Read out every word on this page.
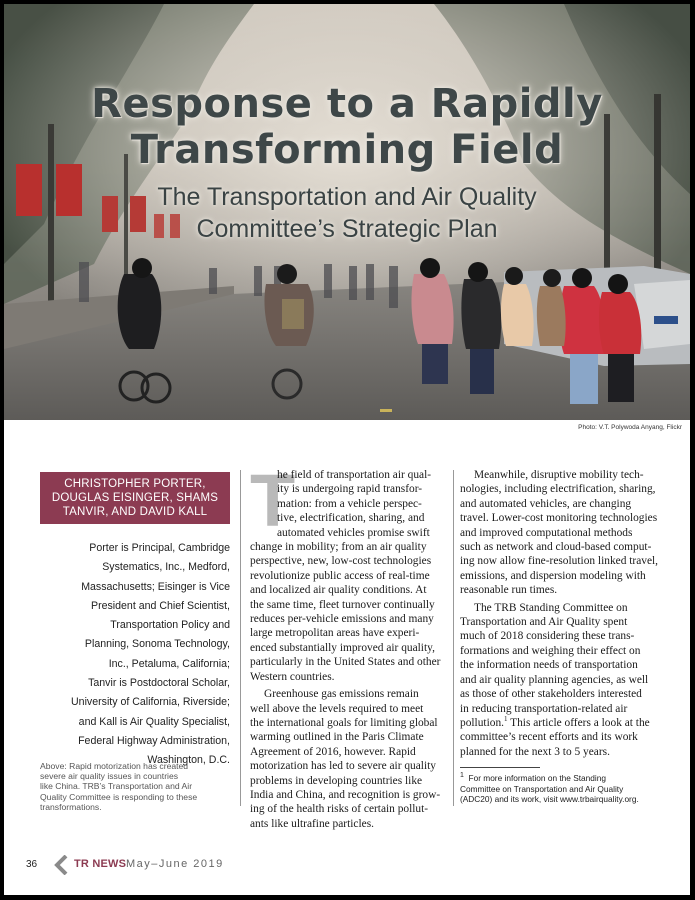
Response to a Rapidly
Transforming Field
The Transportation and Air Quality
Committee’s Strategic Plan
Photo: V.T. Polywoda Anyang, Flickr
CHRISTOPHER PORTER,
DOUGLAS EISINGER, SHAMS
TANVIR, AND DAVID KALL
Porter is Principal, Cambridge
Systematics, Inc., Medford,
Massachusetts; Eisinger is Vice
President and Chief Scientist,
Transportation Policy and
Planning, Sonoma Technology,
Inc., Petaluma, California;
Tanvir is Postdoctoral Scholar,
University of California, Riverside;
and Kall is Air Quality Specialist,
Federal Highway Administration,
Washington, D.C.
Above: Rapid motorization has created
severe air quality issues in countries
like China. TRB’s Transportation and Air
Quality Committee is responding to these
transformations.
T
he field of transportation air qual-
ity is undergoing rapid transfor-
mation: from a vehicle perspec-
tive, electrification, sharing, and
automated vehicles promise swift
change in mobility; from an air quality
perspective, new, low-cost technologies
revolutionize public access of real-time
and localized air quality conditions. At
the same time, fleet turnover continually
reduces per-vehicle emissions and many
large metropolitan areas have experi-
enced substantially improved air quality,
particularly in the United States and other
Western countries.
Greenhouse gas emissions remain
well above the levels required to meet
the international goals for limiting global
warming outlined in the Paris Climate
Agreement of 2016, however. Rapid
motorization has led to severe air quality
problems in developing countries like
India and China, and recognition is grow-
ing of the health risks of certain pollut-
ants like ultrafine particles.
Meanwhile, disruptive mobility tech-
nologies, including electrification, sharing,
and automated vehicles, are changing
travel. Lower-cost monitoring technologies
and improved computational methods
such as network and cloud-based comput-
ing now allow fine-resolution linked travel,
emissions, and dispersion modeling with
reasonable run times.
The TRB Standing Committee on
Transportation and Air Quality spent
much of 2018 considering these trans-
formations and weighing their effect on
the information needs of transportation
and air quality planning agencies, as well
as those of other stakeholders interested
in reducing transportation-related air
pollution.$^1$ This article offers a look at the
committee’s recent efforts and its work
planned for the next 3 to 5 years.
$^1$ For more information on the Standing
Committee on Transportation and Air Quality
(ADC20) and its work, visit www.trbairquality.org.
36	TR NEWS May–June 2019
